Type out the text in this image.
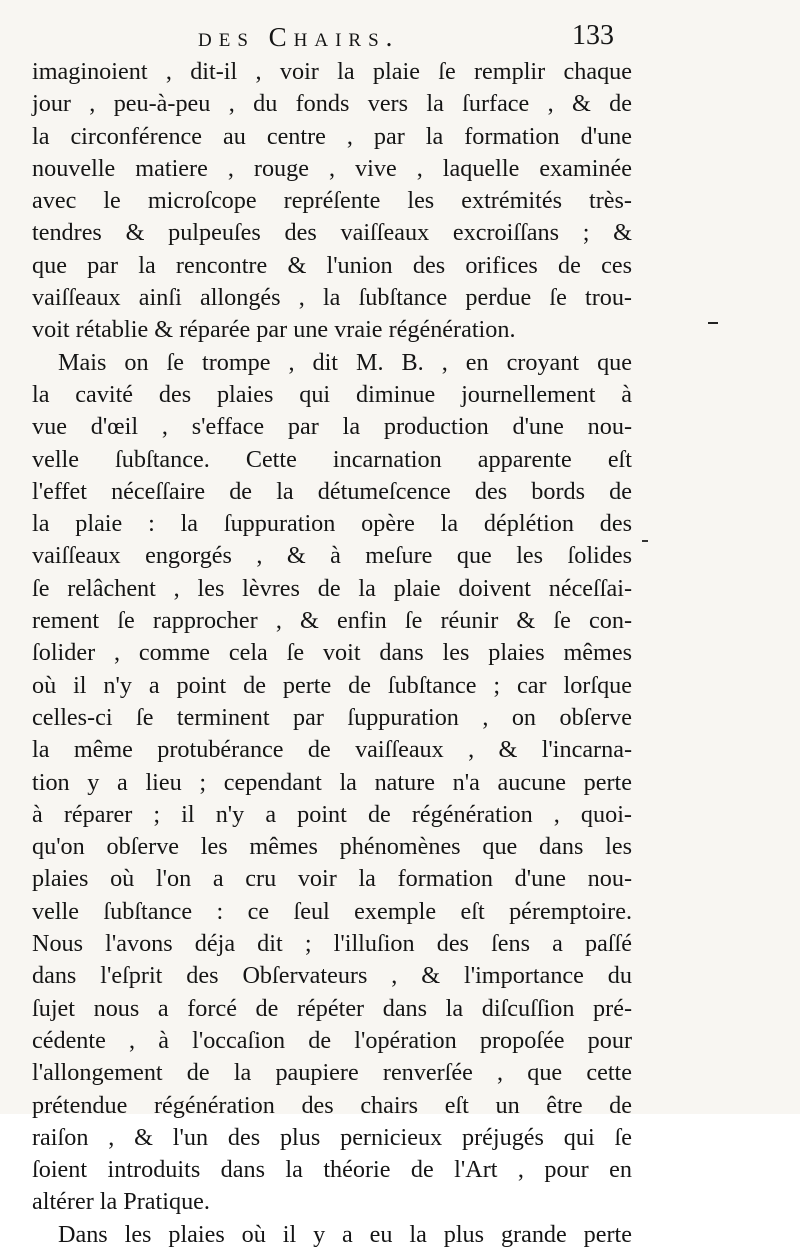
des Chairs.	133
imaginoient , dit-il , voir la plaie ſe remplir chaque
jour , peu-à-peu , du fonds vers la ſurface , & de
la circonférence au centre , par la formation d'une
nouvelle matiere , rouge , vive , laquelle examinée
avec le microſcope repréſente les extrémités très-
tendres & pulpeuſes des vaiſſeaux excroiſſans ; &
que par la rencontre & l'union des orifices de ces
vaiſſeaux ainſi allongés , la ſubſtance perdue ſe trou-
voit rétablie & réparée par une vraie régénération.
Mais on ſe trompe , dit M. B. , en croyant que
la cavité des plaies qui diminue journellement à
vue d'œil , s'efface par la production d'une nou-
velle ſubſtance. Cette incarnation apparente eſt
l'effet néceſſaire de la détumeſcence des bords de
la plaie : la ſuppuration opère la déplétion des
vaiſſeaux engorgés , & à meſure que les ſolides
ſe relâchent , les lèvres de la plaie doivent néceſſai-
rement ſe rapprocher , & enfin ſe réunir & ſe con-
ſolider , comme cela ſe voit dans les plaies mêmes
où il n'y a point de perte de ſubſtance ; car lorſque
celles-ci ſe terminent par ſuppuration , on obſerve
la même protubérance de vaiſſeaux , & l'incarna-
tion y a lieu ; cependant la nature n'a aucune perte
à réparer ; il n'y a point de régénération , quoi-
qu'on obſerve les mêmes phénomènes que dans les
plaies où l'on a cru voir la formation d'une nou-
velle ſubſtance : ce ſeul exemple eſt péremptoire.
Nous l'avons déja dit ; l'illuſion des ſens a paſſé
dans l'eſprit des Obſervateurs , & l'importance du
ſujet nous a forcé de répéter dans la diſcuſſion pré-
cédente , à l'occaſion de l'opération propoſée pour
l'allongement de la paupiere renverſée , que cette
prétendue régénération des chairs eſt un être de
raiſon , & l'un des plus pernicieux préjugés qui ſe
ſoient introduits dans la théorie de l'Art , pour en
altérer la Pratique.
Dans les plaies où il y a eu la plus grande perte
